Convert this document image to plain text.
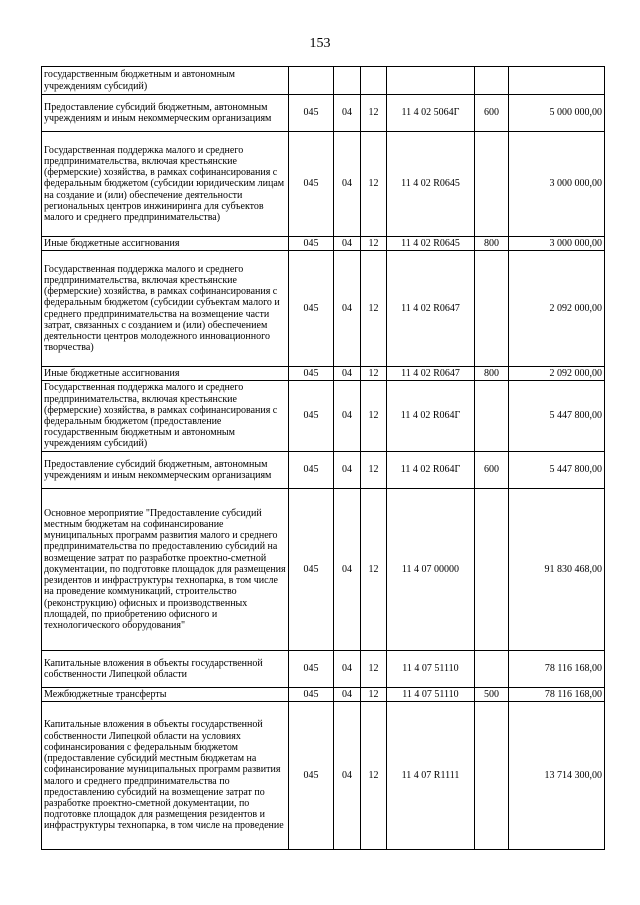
153
государственным бюджетным и автономным учреждениям субсидий)						
Предоставление субсидий бюджетным, автономным учреждениям и иным некоммерческим организациям	045	04	12	11 4 02 5064Г	600	5 000 000,00
Государственная поддержка малого и среднего предпринимательства, включая крестьянские (фермерские) хозяйства, в рамках софинансирования с федеральным бюджетом (субсидии юридическим лицам на создание и (или) обеспечение деятельности региональных центров инжиниринга для субъектов малого и среднего предпринимательства)	045	04	12	11 4 02 R0645		3 000 000,00
Иные бюджетные ассигнования	045	04	12	11 4 02 R0645	800	3 000 000,00
Государственная поддержка малого и среднего предпринимательства, включая крестьянские (фермерские) хозяйства, в рамках софинансирования с федеральным бюджетом (субсидии субъектам малого и среднего предпринимательства на возмещение части затрат, связанных с созданием и (или) обеспечением деятельности центров молодежного инновационного творчества)	045	04	12	11 4 02 R0647		2 092 000,00
Иные бюджетные ассигнования	045	04	12	11 4 02 R0647	800	2 092 000,00
Государственная поддержка малого и среднего предпринимательства, включая крестьянские (фермерские) хозяйства, в рамках софинансирования с федеральным бюджетом (предоставление государственным бюджетным и автономным учреждениям субсидий)	045	04	12	11 4 02 R064Г		5 447 800,00
Предоставление субсидий бюджетным, автономным учреждениям и иным некоммерческим организациям	045	04	12	11 4 02 R064Г	600	5 447 800,00
Основное мероприятие "Предоставление субсидий местным бюджетам на софинансирование муниципальных программ развития малого и среднего предпринимательства по предоставлению субсидий на возмещение затрат по разработке проектно-сметной документации, по подготовке площадок для размещения резидентов и инфраструктуры технопарка, в том числе на проведение коммуникаций, строительство (реконструкцию) офисных и производственных площадей, по приобретению офисного и технологического оборудования"	045	04	12	11 4 07 00000		91 830 468,00
Капитальные вложения в объекты государственной собственности Липецкой области	045	04	12	11 4 07 51110		78 116 168,00
Межбюджетные трансферты	045	04	12	11 4 07 51110	500	78 116 168,00
Капитальные вложения в объекты государственной собственности Липецкой области на условиях софинансирования с федеральным бюджетом (предоставление субсидий местным бюджетам на софинансирование муниципальных программ развития малого и среднего предпринимательства по предоставлению субсидий на возмещение затрат по разработке проектно-сметной документации, по подготовке площадок для размещения резидентов и инфраструктуры технопарка, в том числе на проведение	045	04	12	11 4 07 R1111		13 714 300,00
